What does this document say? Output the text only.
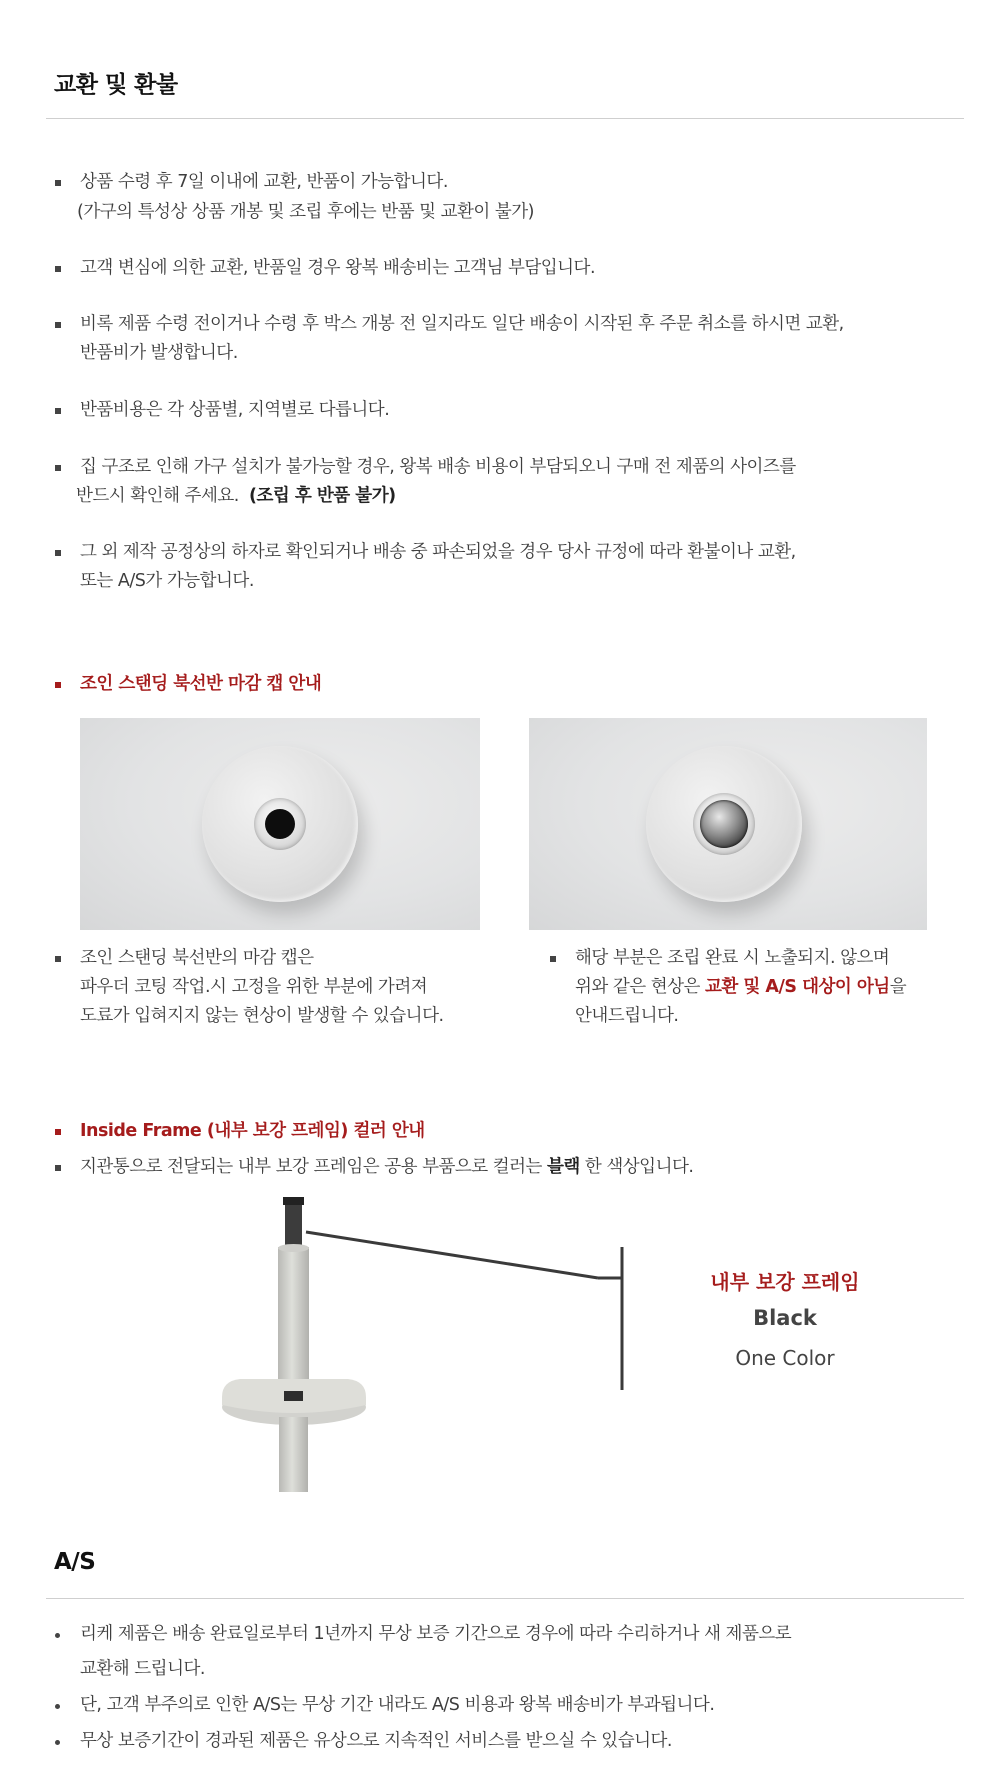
교환 및 환불
상품 수령 후 7일 이내에 교환, 반품이 가능합니다.
(가구의 특성상 상품 개봉 및 조립 후에는 반품 및 교환이 불가)
고객 변심에 의한 교환, 반품일 경우 왕복 배송비는 고객님 부담입니다.
비록 제품 수령 전이거나 수령 후 박스 개봉 전 일지라도 일단 배송이 시작된 후 주문 취소를 하시면 교환,
반품비가 발생합니다.
반품비용은 각 상품별, 지역별로 다릅니다.
집 구조로 인해 가구 설치가 불가능할 경우, 왕복 배송 비용이 부담되오니 구매 전 제품의 사이즈를
반드시 확인해 주세요. (조립 후 반품 불가)
그 외 제작 공정상의 하자로 확인되거나 배송 중 파손되었을 경우 당사 규정에 따라 환불이나 교환,
또는 A/S가 가능합니다.
조인 스탠딩 북선반 마감 캡 안내
조인 스탠딩 북선반의 마감 캡은
파우더 코팅 작업.시 고정을 위한 부분에 가려져
도료가 입혀지지 않는 현상이 발생할 수 있습니다.
해당 부분은 조립 완료 시 노출되지. 않으며
위와 같은 현상은 교환 및 A/S 대상이 아님을
안내드립니다.
Inside Frame (내부 보강 프레임) 컬러 안내
지관통으로 전달되는 내부 보강 프레임은 공용 부품으로 컬러는 블랙 한 색상입니다.
내부 보강 프레임
Black
One Color
A/S
리케 제품은 배송 완료일로부터 1년까지 무상 보증 기간으로 경우에 따라 수리하거나 새 제품으로
교환해 드립니다.
단, 고객 부주의로 인한 A/S는 무상 기간 내라도 A/S 비용과 왕복 배송비가 부과됩니다.
무상 보증기간이 경과된 제품은 유상으로 지속적인 서비스를 받으실 수 있습니다.
